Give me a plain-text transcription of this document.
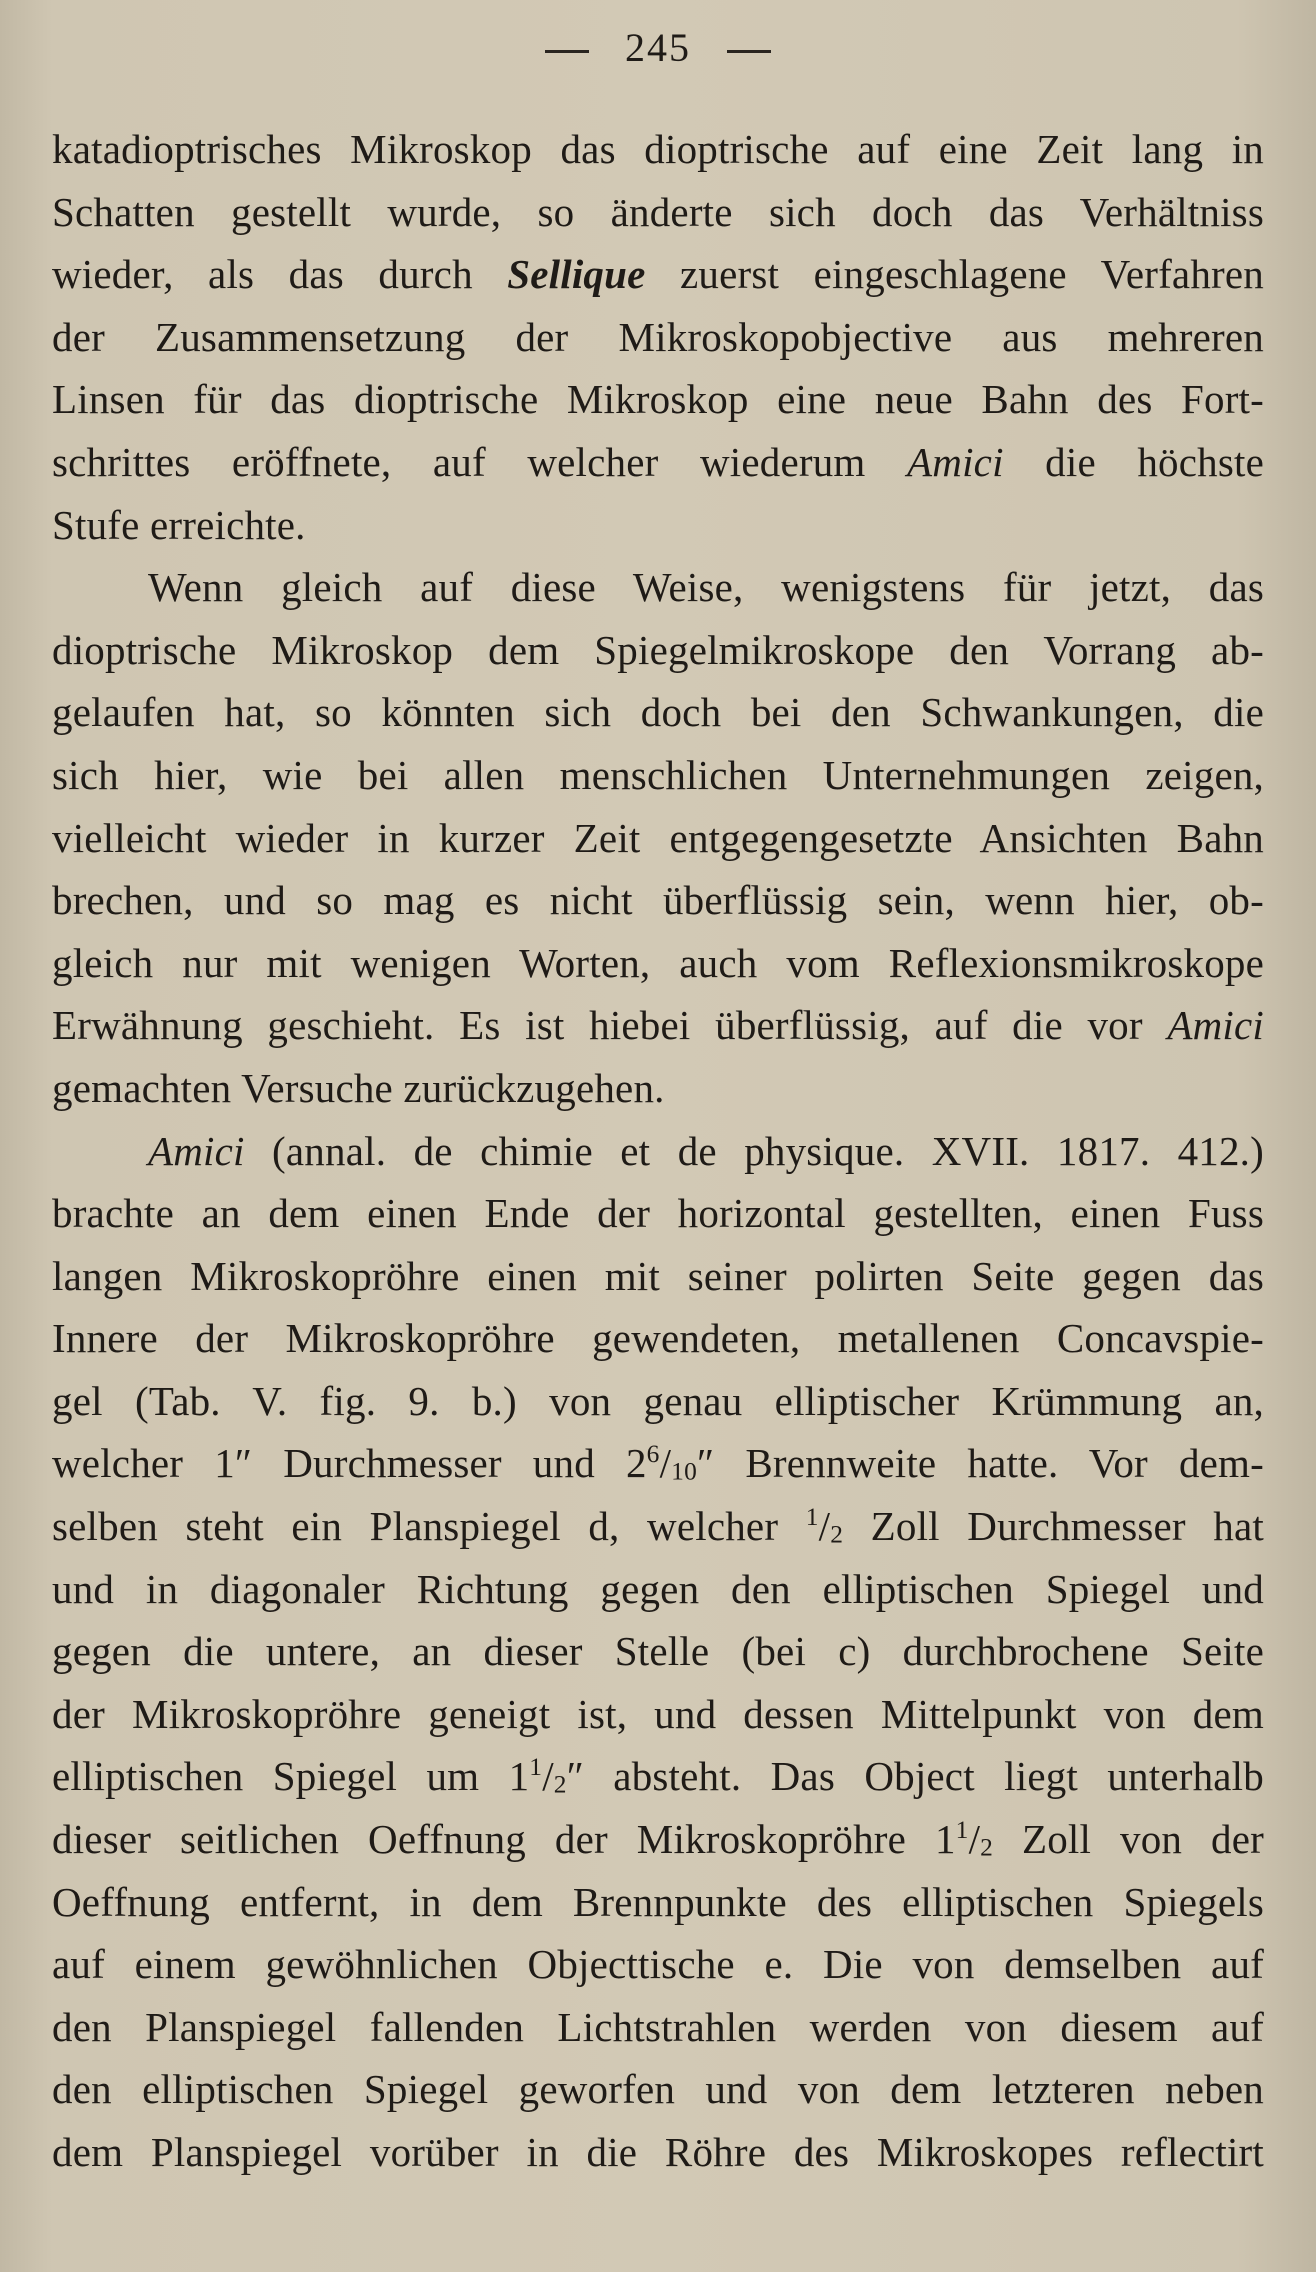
245
katadioptrisches Mikroskop das dioptrische auf eine Zeit lang in
Schatten gestellt wurde, so änderte sich doch das Verhältniss
wieder, als das durch Sellique zuerst eingeschlagene Verfahren
der Zusammensetzung der Mikroskopobjective aus mehreren
Linsen für das dioptrische Mikroskop eine neue Bahn des Fort-
schrittes eröffnete, auf welcher wiederum Amici die höchste
Stufe erreichte.
Wenn gleich auf diese Weise, wenigstens für jetzt, das
dioptrische Mikroskop dem Spiegelmikroskope den Vorrang ab-
gelaufen hat, so könnten sich doch bei den Schwankungen, die
sich hier, wie bei allen menschlichen Unternehmungen zeigen,
vielleicht wieder in kurzer Zeit entgegengesetzte Ansichten Bahn
brechen, und so mag es nicht überflüssig sein, wenn hier, ob-
gleich nur mit wenigen Worten, auch vom Reflexionsmikroskope
Erwähnung geschieht. Es ist hiebei überflüssig, auf die vor Amici
gemachten Versuche zurückzugehen.
Amici (annal. de chimie et de physique. XVII. 1817. 412.)
brachte an dem einen Ende der horizontal gestellten, einen Fuss
langen Mikroskopröhre einen mit seiner polirten Seite gegen das
Innere der Mikroskopröhre gewendeten, metallenen Concavspie-
gel (Tab. V. fig. 9. b.) von genau elliptischer Krümmung an,
welcher 1″ Durchmesser und $2^6/_{10}''$ Brennweite hatte. Vor dem-
selben steht ein Planspiegel d, welcher $^1/_2$ Zoll Durchmesser hat
und in diagonaler Richtung gegen den elliptischen Spiegel und
gegen die untere, an dieser Stelle (bei c) durchbrochene Seite
der Mikroskopröhre geneigt ist, und dessen Mittelpunkt von dem
elliptischen Spiegel um $1^1/_2''$ absteht. Das Object liegt unterhalb
dieser seitlichen Oeffnung der Mikroskopröhre $1^1/_2$ Zoll von der
Oeffnung entfernt, in dem Brennpunkte des elliptischen Spiegels
auf einem gewöhnlichen Objecttische e. Die von demselben auf
den Planspiegel fallenden Lichtstrahlen werden von diesem auf
den elliptischen Spiegel geworfen und von dem letzteren neben
dem Planspiegel vorüber in die Röhre des Mikroskopes reflectirt
